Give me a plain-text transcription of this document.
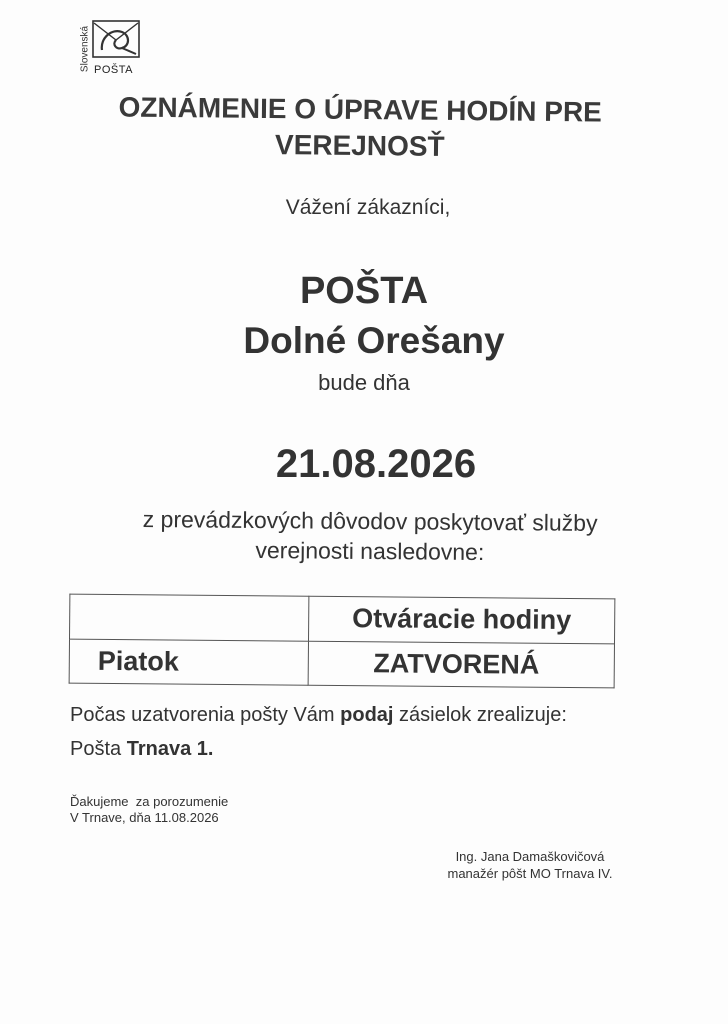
Slovenská POŠTA
OZNÁMENIE O ÚPRAVE HODÍN PRE
VEREJNOSŤ
Vážení zákazníci,
POŠTA
Dolné Orešany
bude dňa
21.08.2026
z prevádzkových dôvodov poskytovať služby
verejnosti nasledovne:
	Otváracie hodiny
Piatok	ZATVORENÁ
Počas uzatvorenia pošty Vám podaj zásielok zrealizuje:
Pošta Trnava 1.
Ďakujeme  za porozumenie
V Trnave, dňa 11.08.2026
Ing. Jana Damaškovičová
manažér pôšt MO Trnava IV.
